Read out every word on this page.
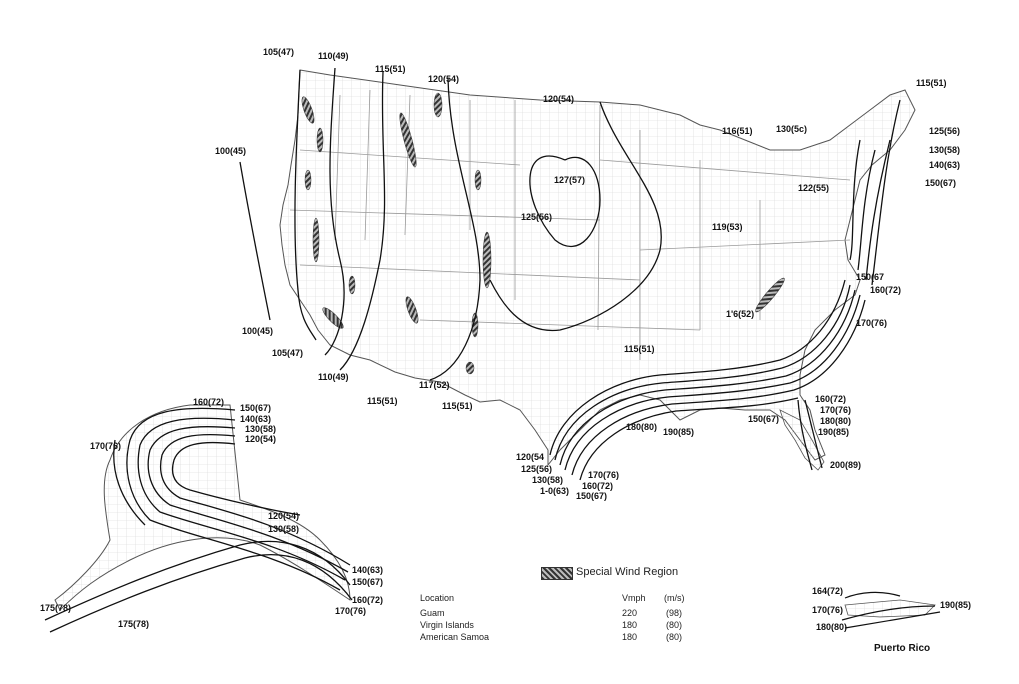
105(47)	110(49)
115(51)
120(54)
100(45)
120(54)
127(57)
125(56)
116(51)	130(5c)
115(51)
125(56)
130(58)
140(63)
150(67)
122(55)
119(53)
100(45)
105(47)
110(49)
115(51)
117(52)
115(51)
115(51)
1'6(52)
150(67
160(72)
170(76)
160(72)
170(76)
180(80)
190(85)
150(67)
200(89)
180(80) 190(85)
120(54
125(56)
130(58)
1-0(63)
170(76)
160(72)
150(67)
160(72)
150(67)
140(63)
130(58)
120(54)
170(76)
120(54)
130(58)
140(63)
150(67)
160(72)
170(76)
175(78)
175(78)
Special Wind Region
Location	Vmph (m/s)
Guam	220	(98)
Virgin Islands	180	(80)
American Samoa	180	(80)
164(72)
170(76)	190(85)
180(80)
Puerto Rico
